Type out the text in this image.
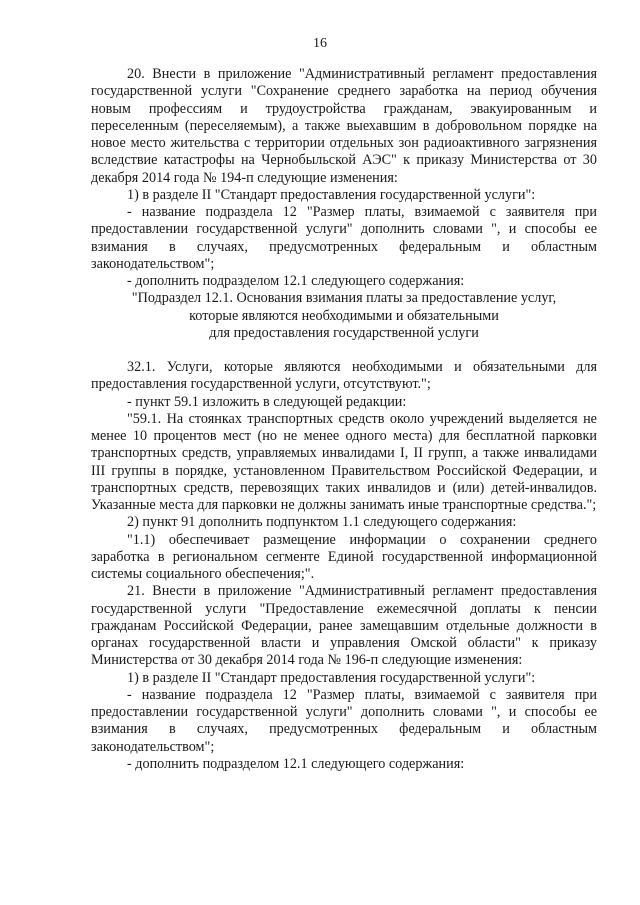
16

20. Внести в приложение "Административный регламент предоставления государственной услуги "Сохранение среднего заработка на период обучения новым профессиям и трудоустройства гражданам, эвакуированным и переселенным (переселяемым), а также выехавшим в добровольном порядке на новое место жительства с территории отдельных зон радиоактивного загрязнения вследствие катастрофы на Чернобыльской АЭС" к приказу Министерства от 30 декабря 2014 года № 194-п следующие изменения:

1) в разделе II "Стандарт предоставления государственной услуги":

- название подраздела 12 "Размер платы, взимаемой с заявителя при предоставлении государственной услуги" дополнить словами ", и способы ее взимания в случаях, предусмотренных федеральным и областным законодательством";

- дополнить подразделом 12.1 следующего содержания:

"Подраздел 12.1. Основания взимания платы за предоставление услуг,

которые являются необходимыми и обязательными

для предоставления государственной услуги

32.1. Услуги, которые являются необходимыми и обязательными для предоставления государственной услуги, отсутствуют.";

- пункт 59.1 изложить в следующей редакции:

"59.1. На стоянках транспортных средств около учреждений выделяется не менее 10 процентов мест (но не менее одного места) для бесплатной парковки транспортных средств, управляемых инвалидами I, II групп, а также инвалидами III группы в порядке, установленном Правительством Российской Федерации, и транспортных средств, перевозящих таких инвалидов и (или) детей-инвалидов. Указанные места для парковки не должны занимать иные транспортные средства.";

2) пункт 91 дополнить подпунктом 1.1 следующего содержания:

"1.1) обеспечивает размещение информации о сохранении среднего заработка в региональном сегменте Единой государственной информационной системы социального обеспечения;".

21. Внести в приложение "Административный регламент предоставления государственной услуги "Предоставление ежемесячной доплаты к пенсии гражданам Российской Федерации, ранее замещавшим отдельные должности в органах государственной власти и управления Омской области" к приказу Министерства от 30 декабря 2014 года № 196-п следующие изменения:

1) в разделе II "Стандарт предоставления государственной услуги":

- название подраздела 12 "Размер платы, взимаемой с заявителя при предоставлении государственной услуги" дополнить словами ", и способы ее взимания в случаях, предусмотренных федеральным и областным законодательством";

- дополнить подразделом 12.1 следующего содержания:
